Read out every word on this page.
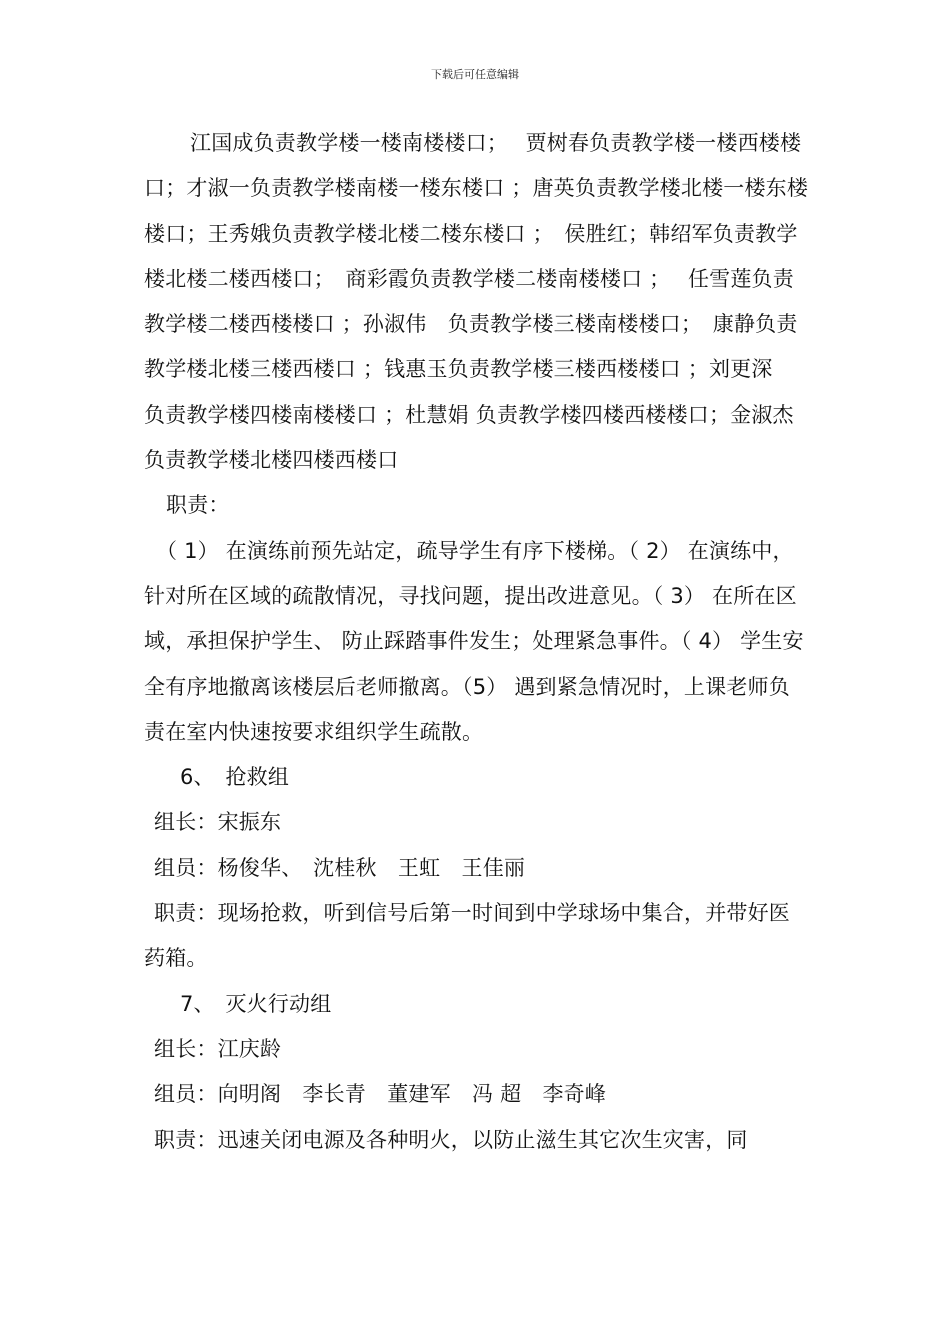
下载后可任意编辑

江国成负责教学楼一楼南楼楼口；　 贾树春负责教学楼一楼西楼楼口；才淑一负责教学楼南楼一楼东楼口 ；唐英负责教学楼北楼一楼东楼楼口；王秀娥负责教学楼北楼二楼东楼口 ；　侯胜红；韩绍军负责教学楼北楼二楼西楼口；　商彩霞负责教学楼二楼南楼楼口 ；　 任雪莲负责教学楼二楼西楼楼口 ；孙淑伟　负责教学楼三楼南楼楼口；　康静负责教学楼北楼三楼西楼口 ；钱惠玉负责教学楼三楼西楼楼口 ；刘更深　负责教学楼四楼南楼楼口 ；杜慧娟 负责教学楼四楼西楼楼口；金淑杰 负责教学楼北楼四楼西楼口

职责：

（ 1） 在演练前预先站定，疏导学生有序下楼梯。（ 2） 在演练中，针对所在区域的疏散情况，寻找问题，提出改进意见。（ 3） 在所在区域，承担保护学生、 防止踩踏事件发生；处理紧急事件。（ 4） 学生安全有序地撤离该楼层后老师撤离。（5） 遇到紧急情况时，上课老师负责在室内快速按要求组织学生疏散。

6、　抢救组

组长：宋振东

组员：杨俊华、　沈桂秋　王虹　王佳丽

职责：现场抢救，听到信号后第一时间到中学球场中集合，并带好医药箱。

7、　灭火行动组

组长：江庆龄

组员：向明阁　李长青　董建军　冯 超　李奇峰

职责：迅速关闭电源及各种明火，以防止滋生其它次生灾害，同
